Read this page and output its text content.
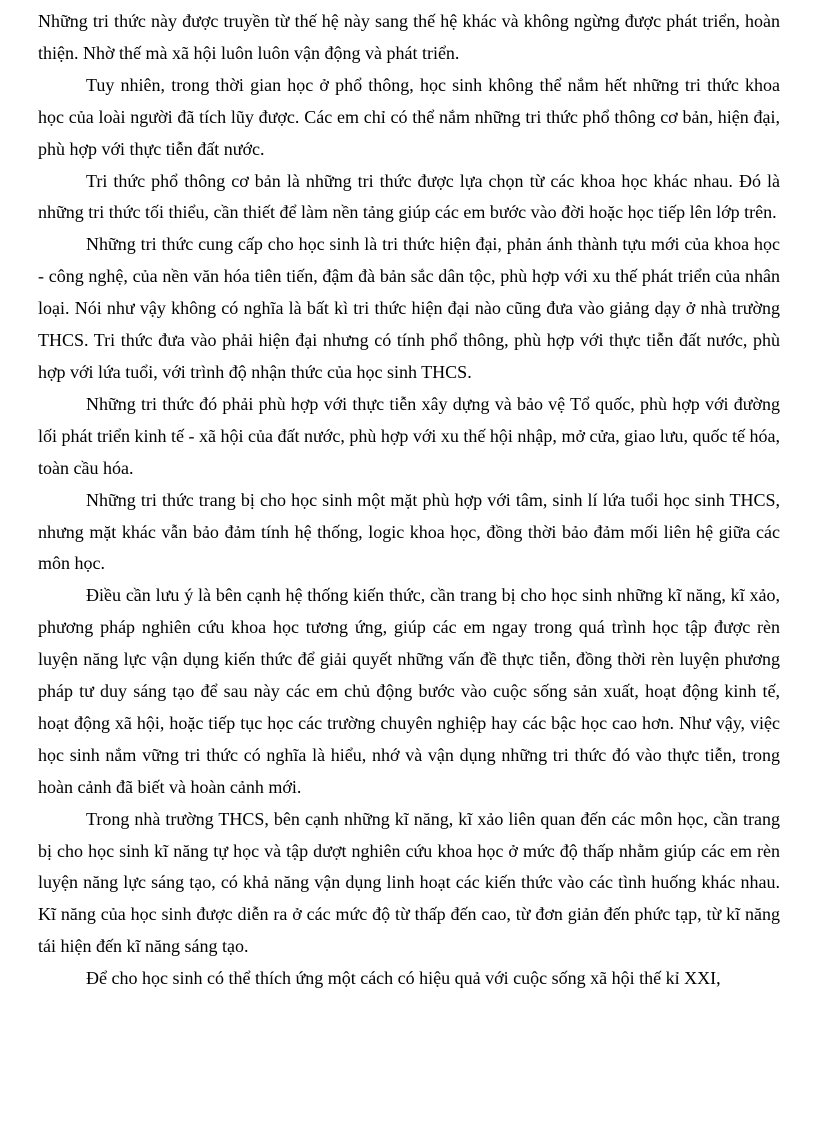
Những tri thức này được truyền từ thế hệ này sang thế hệ khác và không ngừng được phát triển, hoàn thiện. Nhờ thế mà xã hội luôn luôn vận động và phát triển.

Tuy nhiên, trong thời gian học ở phổ thông, học sinh không thể nắm hết những tri thức khoa học của loài người đã tích lũy được. Các em chỉ có thể nắm những tri thức phổ thông cơ bản, hiện đại, phù hợp với thực tiễn đất nước.

Tri thức phổ thông cơ bản là những tri thức được lựa chọn từ các khoa học khác nhau. Đó là những tri thức tối thiểu, cần thiết để làm nền tảng giúp các em bước vào đời hoặc học tiếp lên lớp trên.

Những tri thức cung cấp cho học sinh là tri thức hiện đại, phản ánh thành tựu mới của khoa học - công nghệ, của nền văn hóa tiên tiến, đậm đà bản sắc dân tộc, phù hợp với xu thế phát triển của nhân loại. Nói như vậy không có nghĩa là bất kì tri thức hiện đại nào cũng đưa vào giảng dạy ở nhà trường THCS. Tri thức đưa vào phải hiện đại nhưng có tính phổ thông, phù hợp với thực tiễn đất nước, phù hợp với lứa tuổi, với trình độ nhận thức của học sinh THCS.

Những tri thức đó phải phù hợp với thực tiễn xây dựng và bảo vệ Tổ quốc, phù hợp với đường lối phát triển kinh tế - xã hội của đất nước, phù hợp với xu thế hội nhập, mở cửa, giao lưu, quốc tế hóa, toàn cầu hóa.

Những tri thức trang bị cho học sinh một mặt phù hợp với tâm, sinh lí lứa tuổi học sinh THCS, nhưng mặt khác vẫn bảo đảm tính hệ thống, logic khoa học, đồng thời bảo đảm mối liên hệ giữa các môn học.

Điều cần lưu ý là bên cạnh hệ thống kiến thức, cần trang bị cho học sinh những kĩ năng, kĩ xảo, phương pháp nghiên cứu khoa học tương ứng, giúp các em ngay trong quá trình học tập được rèn luyện năng lực vận dụng kiến thức để giải quyết những vấn đề thực tiễn, đồng thời rèn luyện phương pháp tư duy sáng tạo để sau này các em chủ động bước vào cuộc sống sản xuất, hoạt động kinh tế, hoạt động xã hội, hoặc tiếp tục học các trường chuyên nghiệp hay các bậc học cao hơn. Như vậy, việc học sinh nắm vững tri thức có nghĩa là hiểu, nhớ và vận dụng những tri thức đó vào thực tiễn, trong hoàn cảnh đã biết và hoàn cảnh mới.

Trong nhà trường THCS, bên cạnh những kĩ năng, kĩ xảo liên quan đến các môn học, cần trang bị cho học sinh kĩ năng tự học và tập dượt nghiên cứu khoa học ở mức độ thấp nhằm giúp các em rèn luyện năng lực sáng tạo, có khả năng vận dụng linh hoạt các kiến thức vào các tình huống khác nhau. Kĩ năng của học sinh được diễn ra ở các mức độ từ thấp đến cao, từ đơn giản đến phức tạp, từ kĩ năng tái hiện đến kĩ năng sáng tạo.

Để cho học sinh có thể thích ứng một cách có hiệu quả với cuộc sống xã hội thế kỉ XXI,
